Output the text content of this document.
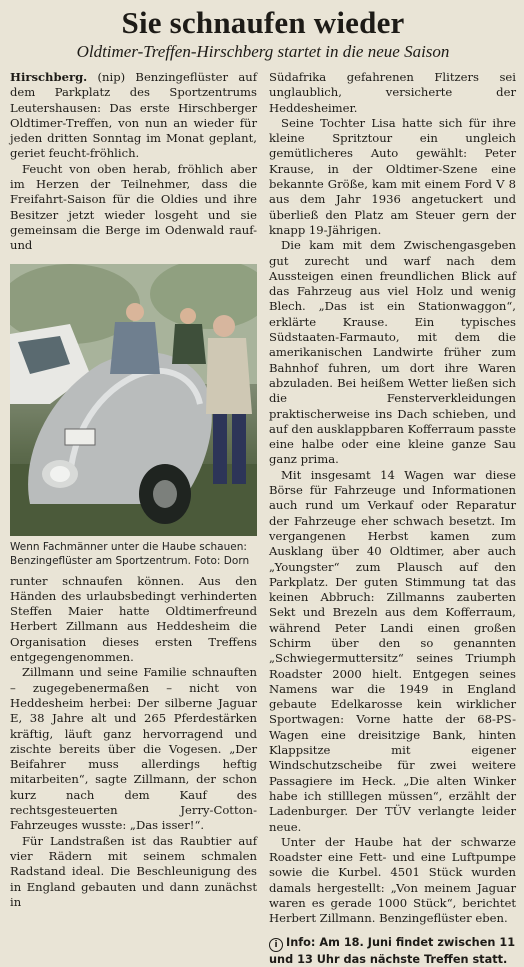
Sie schnaufen wieder
Oldtimer-Treffen-Hirschberg startet in die neue Saison

Hirschberg. (nip) Benzingeflüster auf dem Parkplatz des Sportzentrums Leutershausen: Das erste Hirschberger Oldtimer-Treffen, von nun an wieder für jeden dritten Sonntag im Monat geplant, geriet feucht-fröhlich.

Feucht von oben herab, fröhlich aber im Herzen der Teilnehmer, dass die Freifahrt-Saison für die Oldies und ihre Besitzer jetzt wieder losgeht und sie gemeinsam die Berge im Odenwald rauf- und

Wenn Fachmänner unter die Haube schauen: Benzingeflüster am Sportzentrum. Foto: Dorn

runter schnaufen können. Aus den Händen des urlaubsbedingt verhinderten Steffen Maier hatte Oldtimerfreund Herbert Zillmann aus Heddesheim die Organisation dieses ersten Treffens entgegengenommen.

Zillmann und seine Familie schnauften – zugegebenermaßen – nicht von Heddesheim herbei: Der silberne Jaguar E, 38 Jahre alt und 265 Pferdestärken kräftig, läuft ganz hervorragend und zischte bereits über die Vogesen. „Der Beifahrer muss allerdings heftig mitarbeiten“, sagte Zillmann, der schon kurz nach dem Kauf des rechtsgesteuerten Jerry-Cotton-Fahrzeuges wusste: „Das isser!“.

Für Landstraßen ist das Raubtier auf vier Rädern mit seinem schmalen Radstand ideal. Die Beschleunigung des in England gebauten und dann zunächst in

Südafrika gefahrenen Flitzers sei unglaublich, versicherte der Heddesheimer.

Seine Tochter Lisa hatte sich für ihre kleine Spritztour ein ungleich gemütlicheres Auto gewählt: Peter Krause, in der Oldtimer-Szene eine bekannte Größe, kam mit einem Ford V 8 aus dem Jahr 1936 angetuckert und überließ den Platz am Steuer gern der knapp 19-Jährigen.

Die kam mit dem Zwischengasgeben gut zurecht und warf nach dem Aussteigen einen freundlichen Blick auf das Fahrzeug aus viel Holz und wenig Blech. „Das ist ein Stationwaggon“, erklärte Krause. Ein typisches Südstaaten-Farmauto, mit dem die amerikanischen Landwirte früher zum Bahnhof fuhren, um dort ihre Waren abzuladen. Bei heißem Wetter ließen sich die Fensterverkleidungen praktischerweise ins Dach schieben, und auf den ausklappbaren Kofferraum passte eine halbe oder eine kleine ganze Sau ganz prima.

Mit insgesamt 14 Wagen war diese Börse für Fahrzeuge und Informationen auch rund um Verkauf oder Reparatur der Fahrzeuge eher schwach besetzt. Im vergangenen Herbst kamen zum Ausklang über 40 Oldtimer, aber auch „Youngster“ zum Plausch auf den Parkplatz. Der guten Stimmung tat das keinen Abbruch: Zillmanns zauberten Sekt und Brezeln aus dem Kofferraum, während Peter Landi einen großen Schirm über den so genannten „Schwiegermuttersitz“ seines Triumph Roadster 2000 hielt. Entgegen seines Namens war die 1949 in England gebaute Edelkarosse kein wirklicher Sportwagen: Vorne hatte der 68-PS-Wagen eine dreisitzige Bank, hinten Klappsitze mit eigener Windschutzscheibe für zwei weitere Passagiere im Heck. „Die alten Winker habe ich stilllegen müssen“, erzählt der Ladenburger. Der TÜV verlangte leider neue.

Unter der Haube hat der schwarze Roadster eine Fett- und eine Luftpumpe sowie die Kurbel. 4501 Stück wurden damals hergestellt: „Von meinem Jaguar waren es gerade 1000 Stück“, berichtet Herbert Zillmann. Benzingeflüster eben.

i Info: Am 18. Juni findet zwischen 11 und 13 Uhr das nächste Treffen statt.
